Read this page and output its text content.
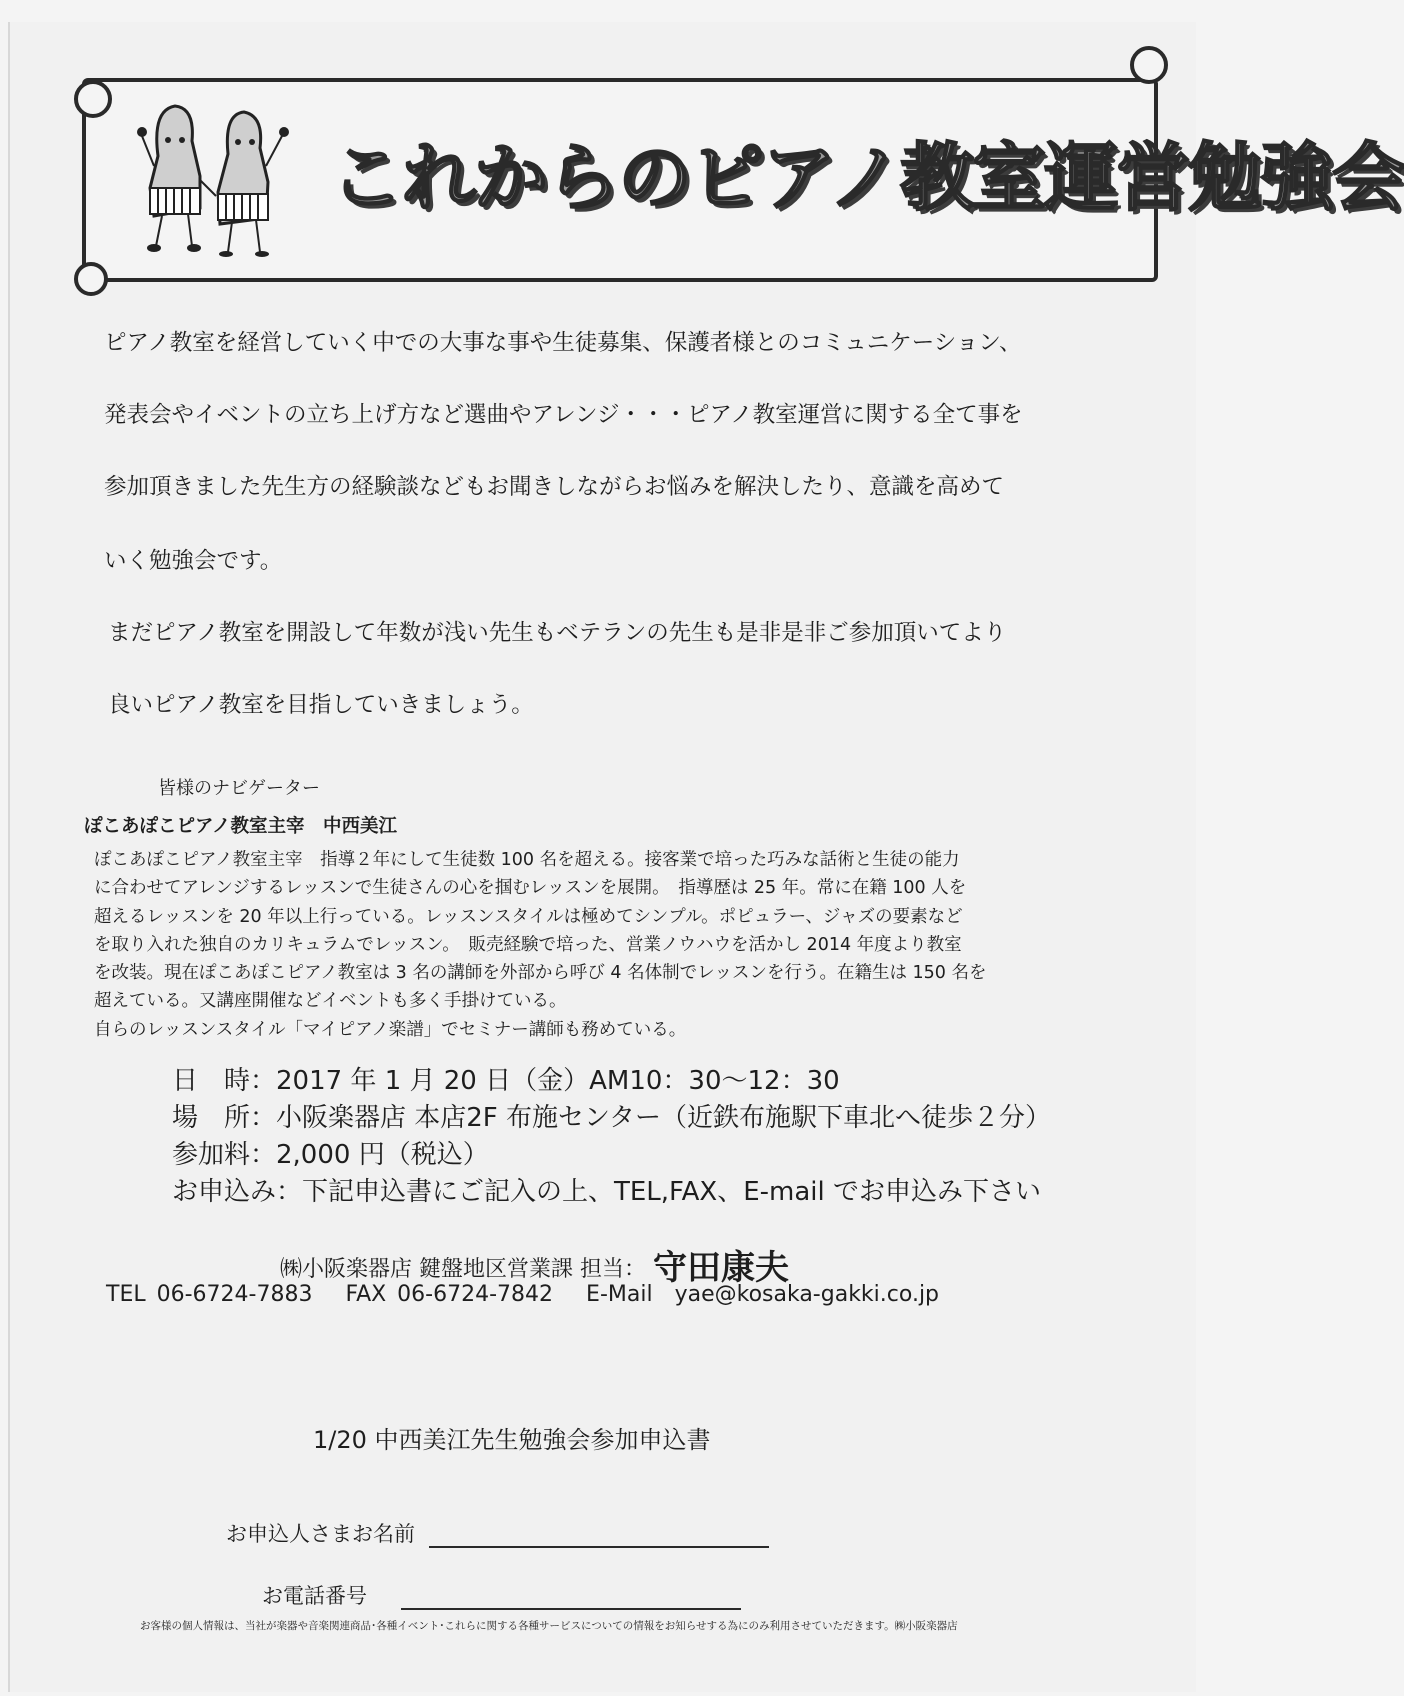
これからのピアノ教室運営勉強会

ピアノ教室を経営していく中での大事な事や生徒募集、保護者様とのコミュニケーション、

発表会やイベントの立ち上げ方など選曲やアレンジ・・・ピアノ教室運営に関する全て事を

参加頂きました先生方の経験談などもお聞きしながらお悩みを解決したり、意識を高めて

いく勉強会です。

まだピアノ教室を開設して年数が浅い先生もベテランの先生も是非是非ご参加頂いてより

良いピアノ教室を目指していきましょう。

皆様のナビゲーター
ぽこあぽこピアノ教室主宰　中西美江
ぽこあぽこピアノ教室主宰　指導２年にして生徒数 100 名を超える。接客業で培った巧みな話術と生徒の能力
に合わせてアレンジするレッスンで生徒さんの心を掴むレッスンを展開。　指導歴は 25 年。常に在籍 100 人を
超えるレッスンを 20 年以上行っている。レッスンスタイルは極めてシンプル。ポピュラー、ジャズの要素など
を取り入れた独自のカリキュラムでレッスン。　販売経験で培った、営業ノウハウを活かし 2014 年度より教室
を改装。現在ぽこあぽこピアノ教室は 3 名の講師を外部から呼び 4 名体制でレッスンを行う。在籍生は 150 名を
超えている。又講座開催などイベントも多く手掛けている。
自らのレッスンスタイル「マイピアノ楽譜」でセミナー講師も務めている。
日　時：2017 年 1 月 20 日（金）AM10：30～12：30
場　所：小阪楽器店 本店2F 布施センター（近鉄布施駅下車北へ徒歩２分）
参加料：2,000 円（税込）
お申込み：下記申込書にご記入の上、TEL,FAX、E-mail でお申込み下さい
㈱小阪楽器店 鍵盤地区営業課 担当： 守田康夫
TEL 06-6724-7883 FAX 06-6724-7842 E-Mail yae@kosaka-gakki.co.jp
1/20 中西美江先生勉強会参加申込書
お申込人さまお名前
お電話番号
お客様の個人情報は、当社が楽器や音楽関連商品･各種イベント･これらに関する各種サービスについての情報をお知らせする為にのみ利用させていただきます。㈱小阪楽器店
